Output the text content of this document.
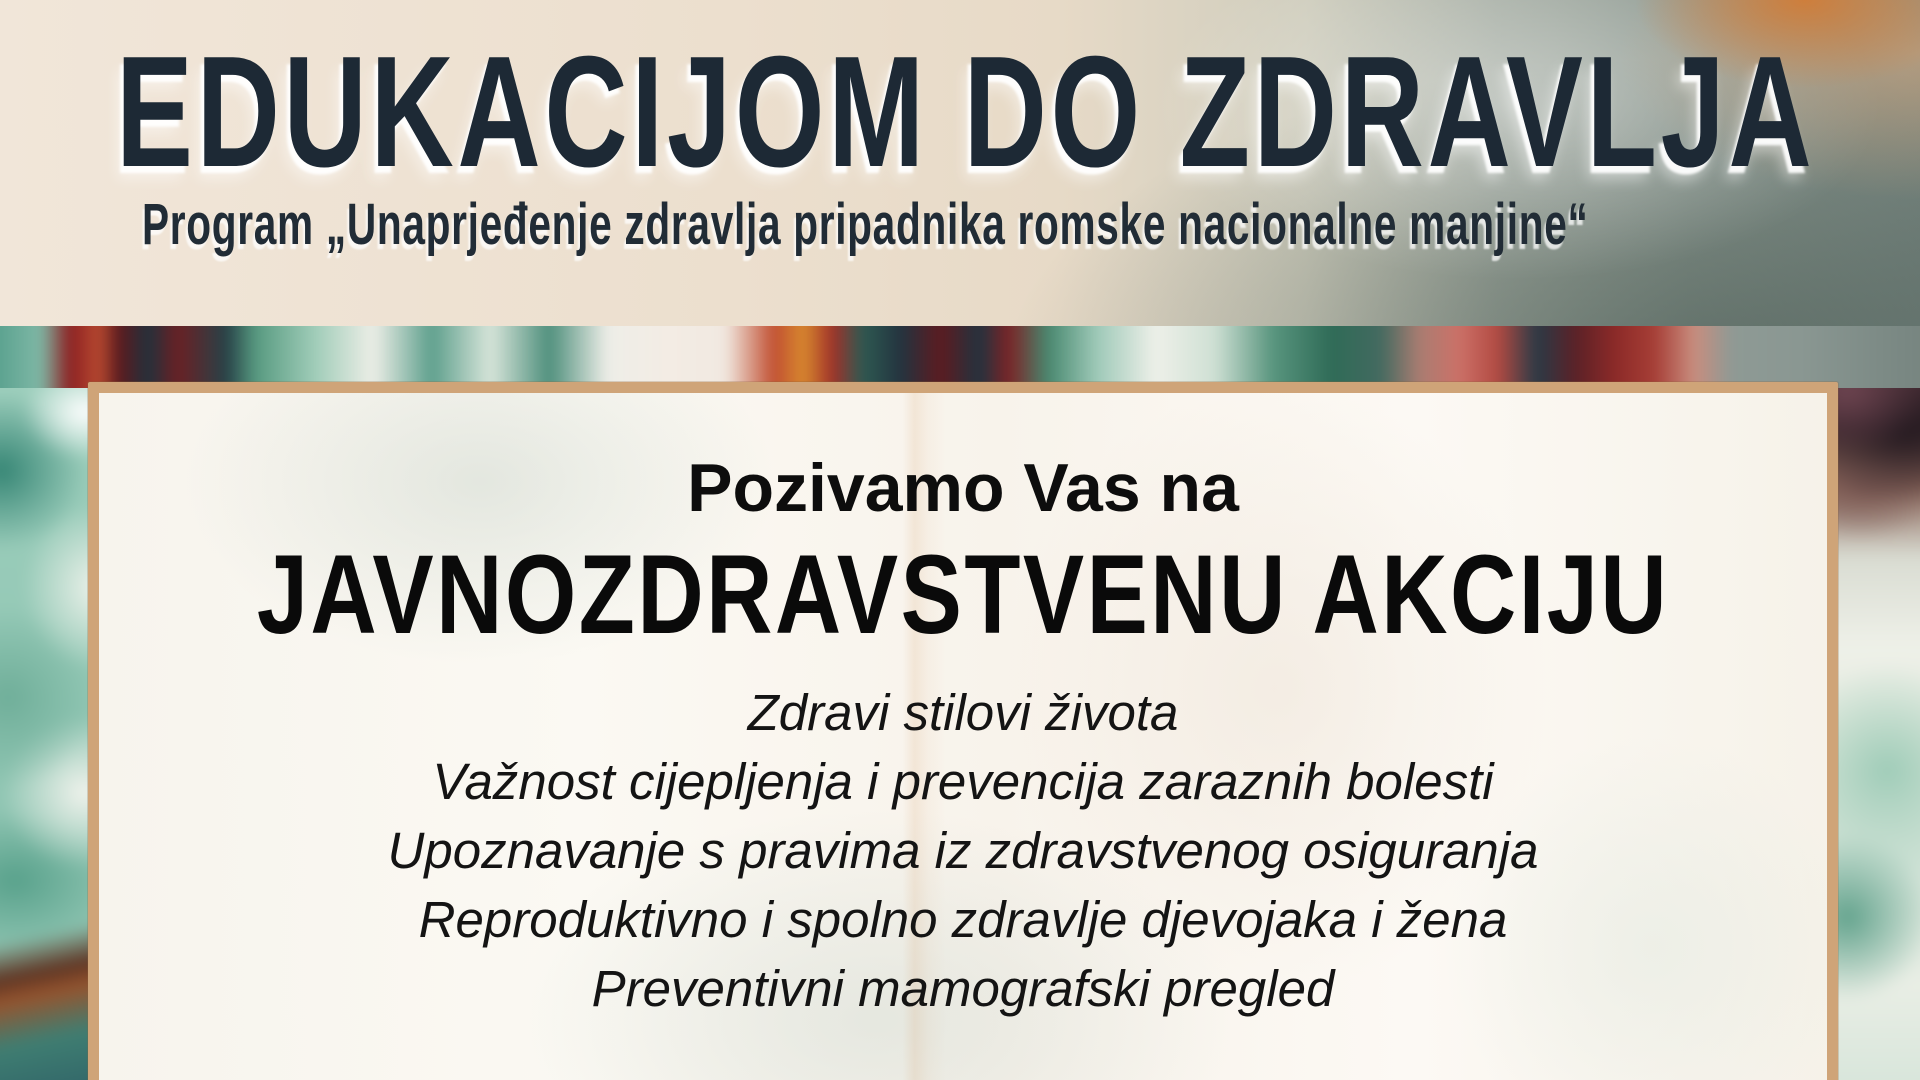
EDUKACIJOM DO ZDRAVLJA
Program „Unaprjeđenje zdravlja pripadnika romske nacionalne manjine“
Pozivamo Vas na
JAVNOZDRAVSTVENU AKCIJU
Zdravi stilovi života
Važnost cijepljenja i prevencija zaraznih bolesti
Upoznavanje s pravima iz zdravstvenog osiguranja
Reproduktivno i spolno zdravlje djevojaka i žena
Preventivni mamografski pregled
